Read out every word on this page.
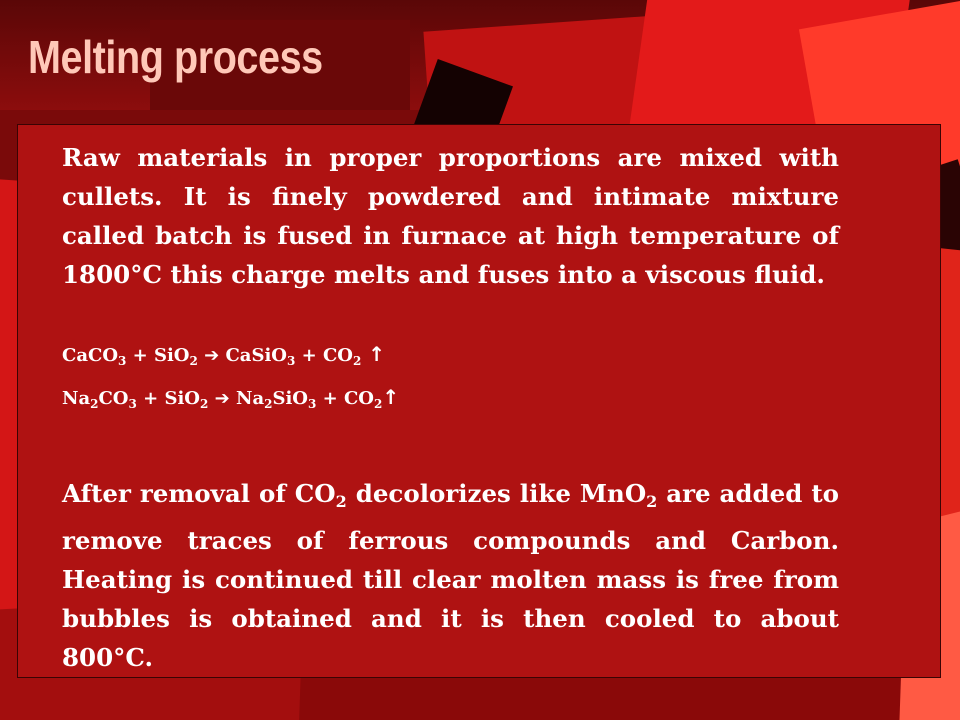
Melting process

Raw materials in proper proportions are mixed with cullets. It is finely powdered and intimate mixture called batch is fused in furnace at high temperature of 1800°C this charge melts and fuses into a viscous fluid.

CaCO$_3$ + SiO$_2$ ➔ CaSiO$_3$ + $CO_2$ ↑
$Na_2CO_3 + SiO_2$ ➔ $Na_2SiO_3$ + $CO_2↑$

After removal of $CO_2$ decolorizes like MnO$_2$ are added to remove traces of ferrous compounds and Carbon. Heating is continued till clear molten mass is free from bubbles is obtained and it is then cooled to about 800°C.
